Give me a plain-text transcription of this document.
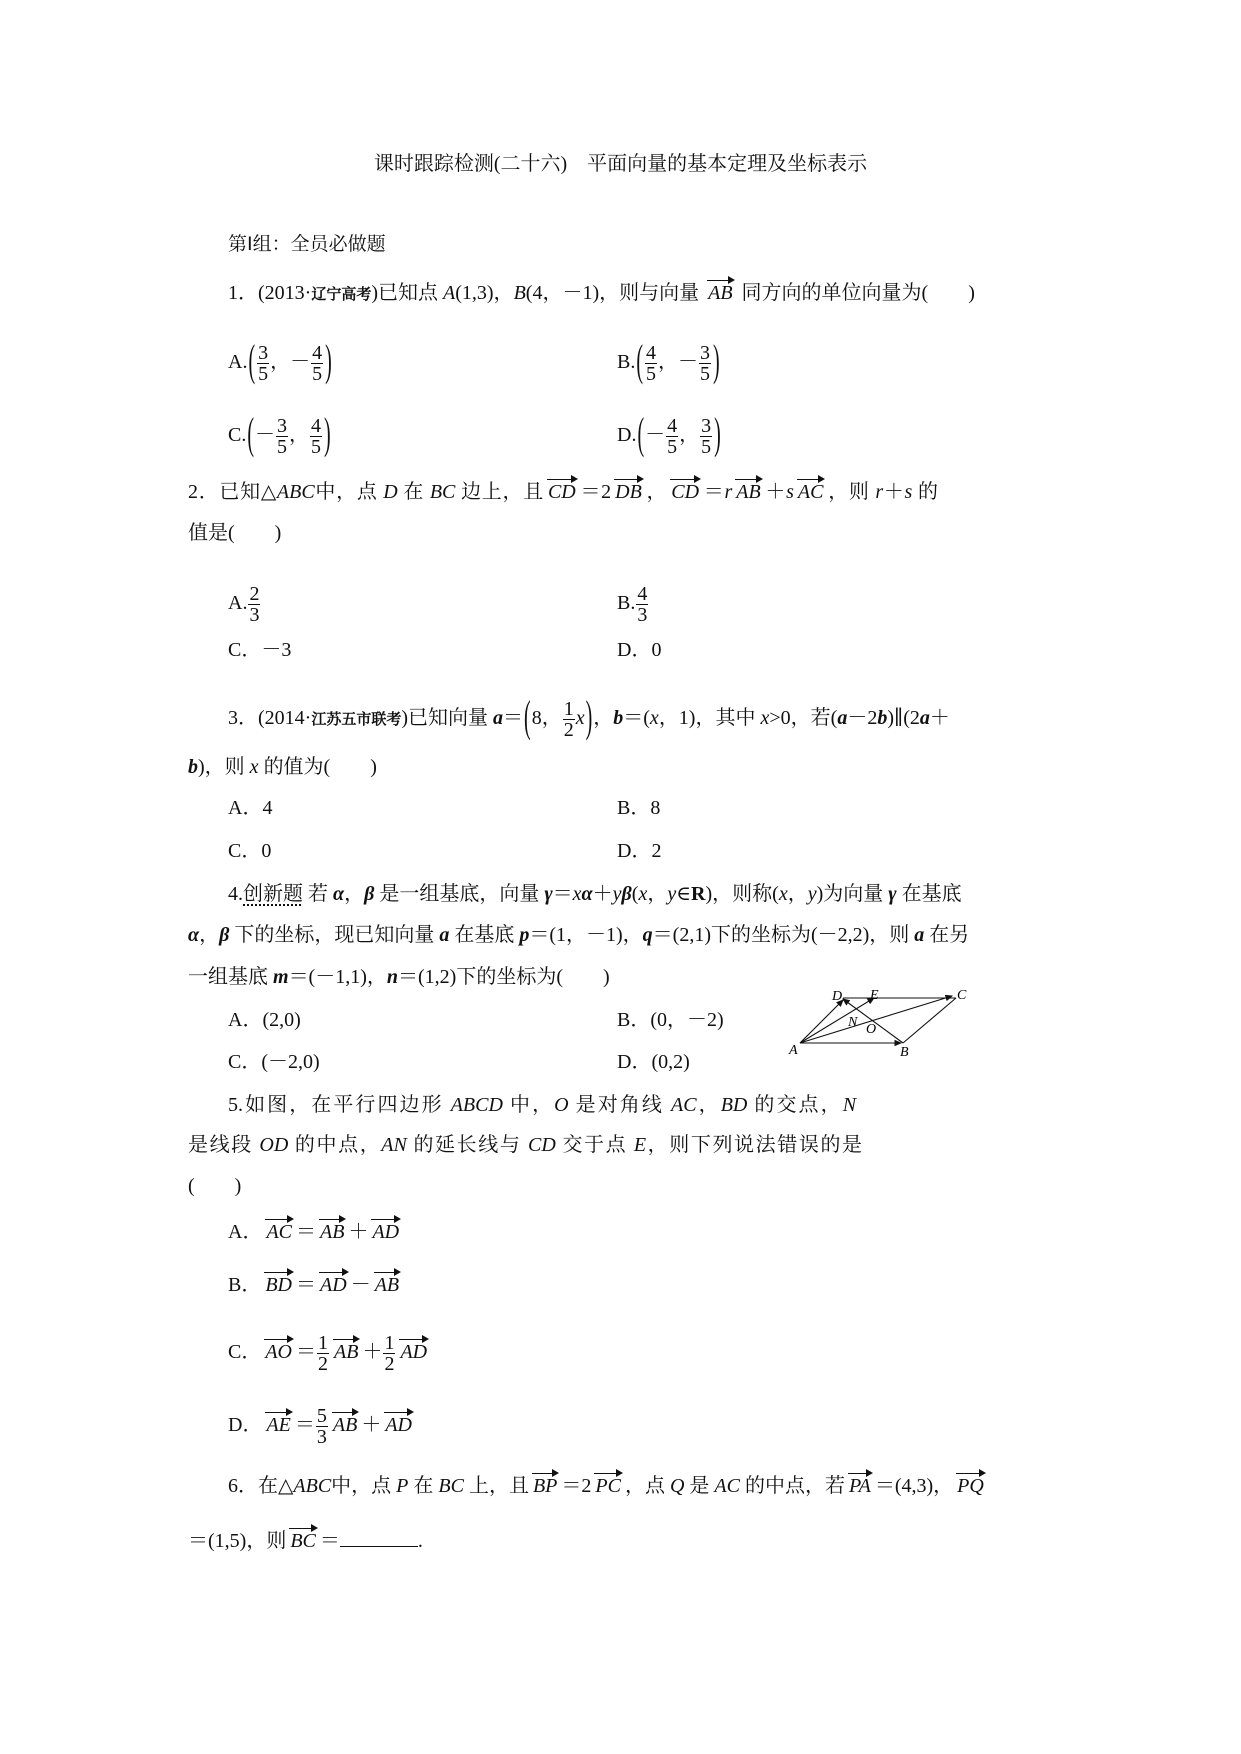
课时跟踪检测(二十六)　平面向量的基本定理及坐标表示
第Ⅰ组：全员必做题
1．(2013·辽宁高考)已知点 A(1,3)，B(4，－1)，则与向量 AB 同方向的单位向量为(　　)
$A.( \frac{3}{5}$ ，－ $\frac{4}{5}$ )	$B.( \frac{4}{5}$ ，－ $\frac{3}{5}$ )
$C.(- \frac{3}{5}$ ， $\frac{4}{5}$ )	$D.(- \frac{4}{5}$ ， $\frac{3}{5}$ )
2．已知△ABC中，点 D 在 BC 边上，且 CD ＝2 DB ， CD ＝r AB ＋s AC ，则 r＋s 的
值是(　　)
A. $\frac{2}{3}$	B. $\frac{4}{3}$
C．－3	D．0
3．(2014·江苏五市联考)已知向量 a＝(8， $\frac{1}{2} x$)，b＝(x，1)，其中 x>0，若(a－2b)∥(2a＋
b)，则 x 的值为(　　)
A．4	B．8
C．0	D．2
4.创新题 若 α，β 是一组基底，向量 γ＝xα＋yβ(x，y∈R)，则称(x，y)为向量 γ 在基底
α，β 下的坐标，现已知向量 a 在基底 p＝(1，－1)，q＝(2,1)下的坐标为(－2,2)，则 a 在另
一组基底 m＝(－1,1)，n＝(1,2)下的坐标为(　　)
A．(2,0)	B．(0，－2)
C．(－2,0)	D．(0,2)
5.如图，在平行四边形 ABCD 中，O 是对角线 AC，BD 的交点，N
是线段 OD 的中点，AN 的延长线与 CD 交于点 E，则下列说法错误的是
(　　)
A． AC ＝ AB ＋ AD
B． BD ＝ AD － AB
C． AO ＝ $\frac{1}{2}$ AB ＋ $\frac{1}{2}$ AD
D． AE ＝ $\frac{5}{3}$ AB ＋ AD
D E	C
N O
A	B
6．在△ABC中，点 P 在 BC 上，且 BP ＝2 PC ，点 Q 是 AC 的中点，若 PA ＝(4,3)， PQ
＝(1,5)，则 BC ＝	.
